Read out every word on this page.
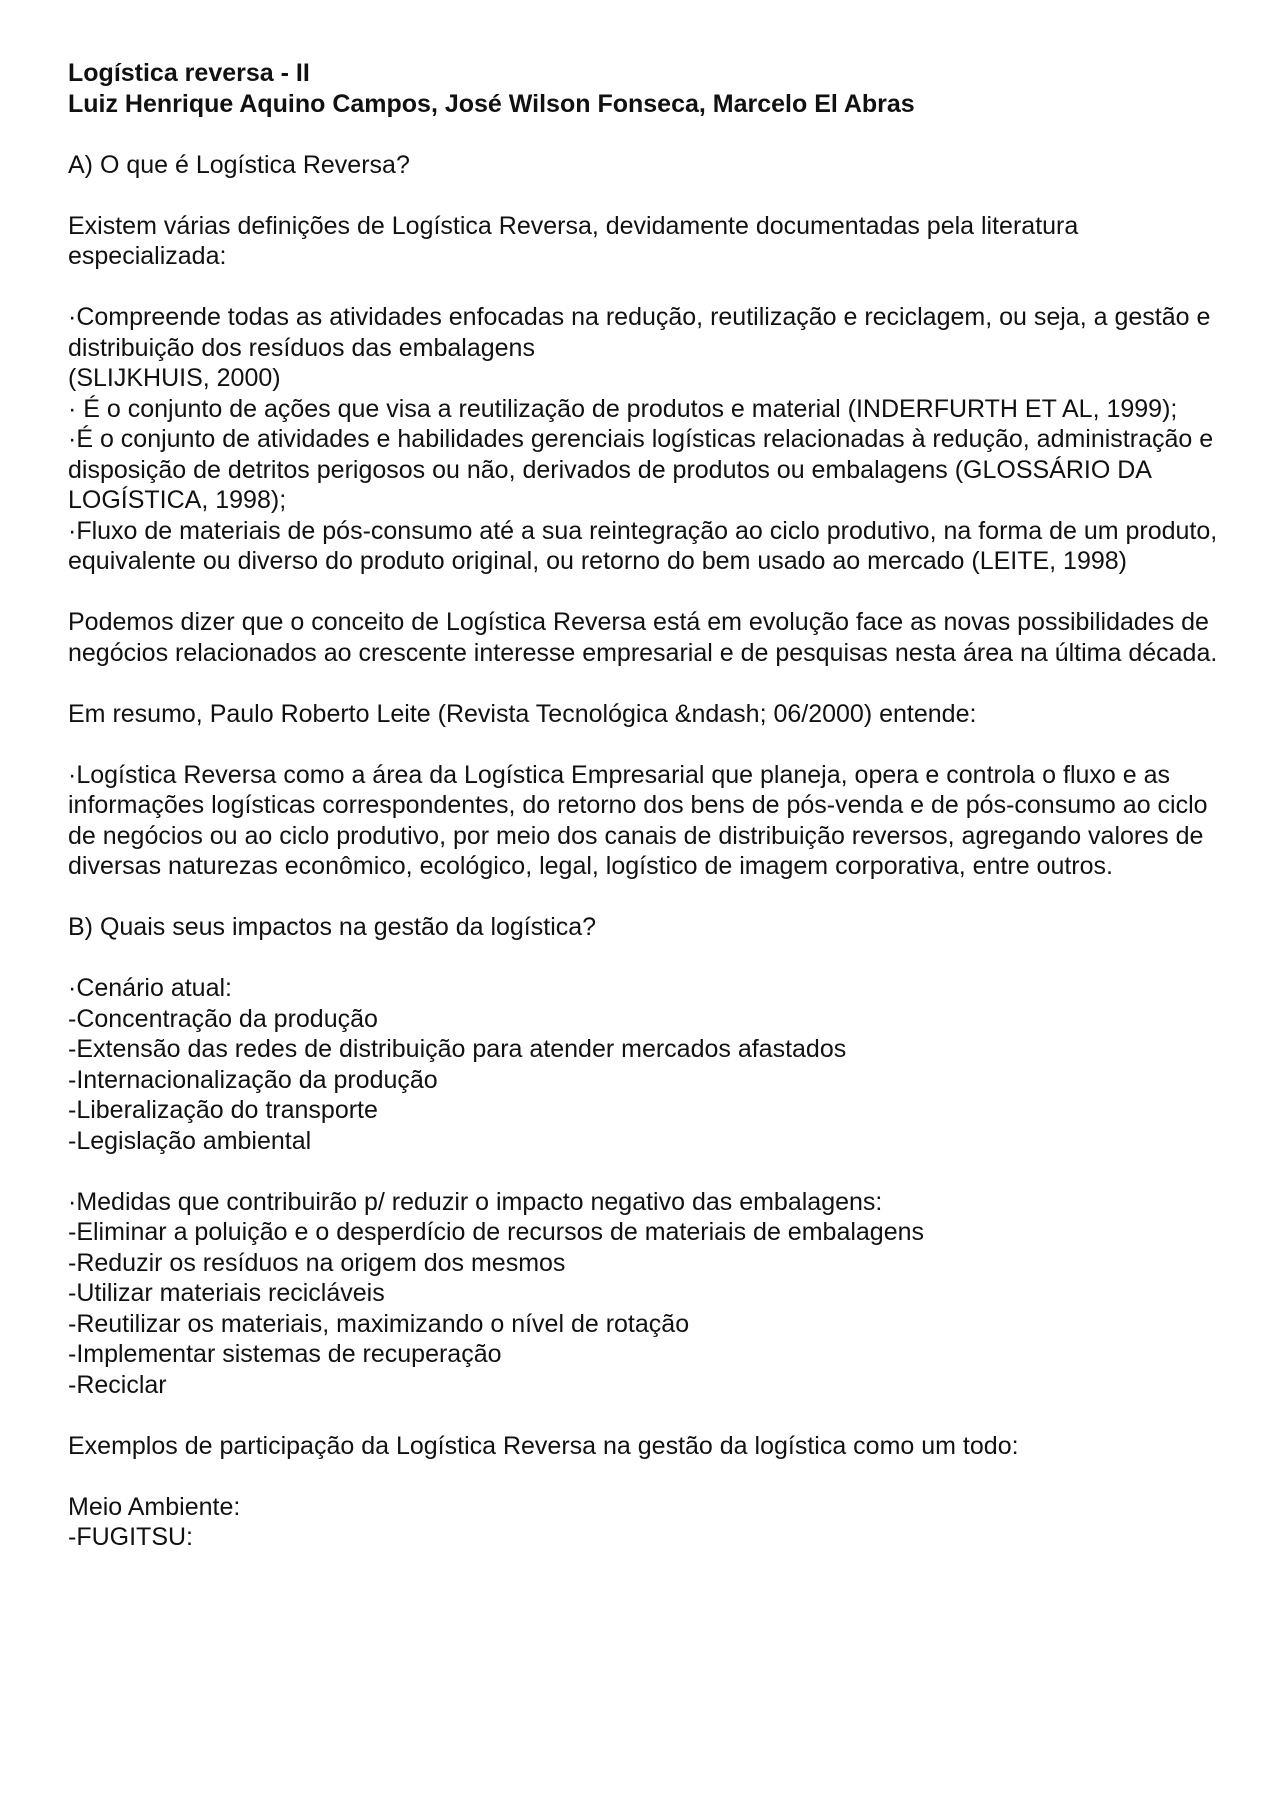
Logística reversa - II
Luiz Henrique Aquino Campos, José Wilson Fonseca, Marcelo El Abras
A) O que é Logística Reversa?
Existem várias definições de Logística Reversa, devidamente documentadas pela literatura especializada:
·Compreende todas as atividades enfocadas na redução, reutilização e reciclagem, ou seja, a gestão e distribuição dos resíduos das embalagens
(SLIJKHUIS, 2000)
· É o conjunto de ações que visa a reutilização de produtos e material (INDERFURTH ET AL, 1999);
·É o conjunto de atividades e habilidades gerenciais logísticas relacionadas à redução, administração e disposição de detritos perigosos ou não, derivados de produtos ou embalagens (GLOSSÁRIO DA LOGÍSTICA, 1998);
·Fluxo de materiais de pós-consumo até a sua reintegração ao ciclo produtivo, na forma de um produto, equivalente ou diverso do produto original, ou retorno do bem usado ao mercado (LEITE, 1998)
Podemos dizer que o conceito de Logística Reversa está em evolução face as novas possibilidades de negócios relacionados ao crescente interesse empresarial e de pesquisas nesta área na última década.
Em resumo, Paulo Roberto Leite (Revista Tecnológica &ndash; 06/2000) entende:
·Logística Reversa como a área da Logística Empresarial que planeja, opera e controla o fluxo e as informações logísticas correspondentes, do retorno dos bens de pós-venda e de pós-consumo ao ciclo de negócios ou ao ciclo produtivo, por meio dos canais de distribuição reversos, agregando valores de diversas naturezas econômico, ecológico, legal, logístico de imagem corporativa, entre outros.
B) Quais seus impactos na gestão da logística?
·Cenário atual:
-Concentração da produção
-Extensão das redes de distribuição para atender mercados afastados
-Internacionalização da produção
-Liberalização do transporte
-Legislação ambiental
·Medidas que contribuirão p/ reduzir o impacto negativo das embalagens:
-Eliminar a poluição e o desperdício de recursos de materiais de embalagens
-Reduzir os resíduos na origem dos mesmos
-Utilizar materiais recicláveis
-Reutilizar os materiais, maximizando o nível de rotação
-Implementar sistemas de recuperação
-Reciclar
Exemplos de participação da Logística Reversa na gestão da logística como um todo:
Meio Ambiente:
-FUGITSU:
